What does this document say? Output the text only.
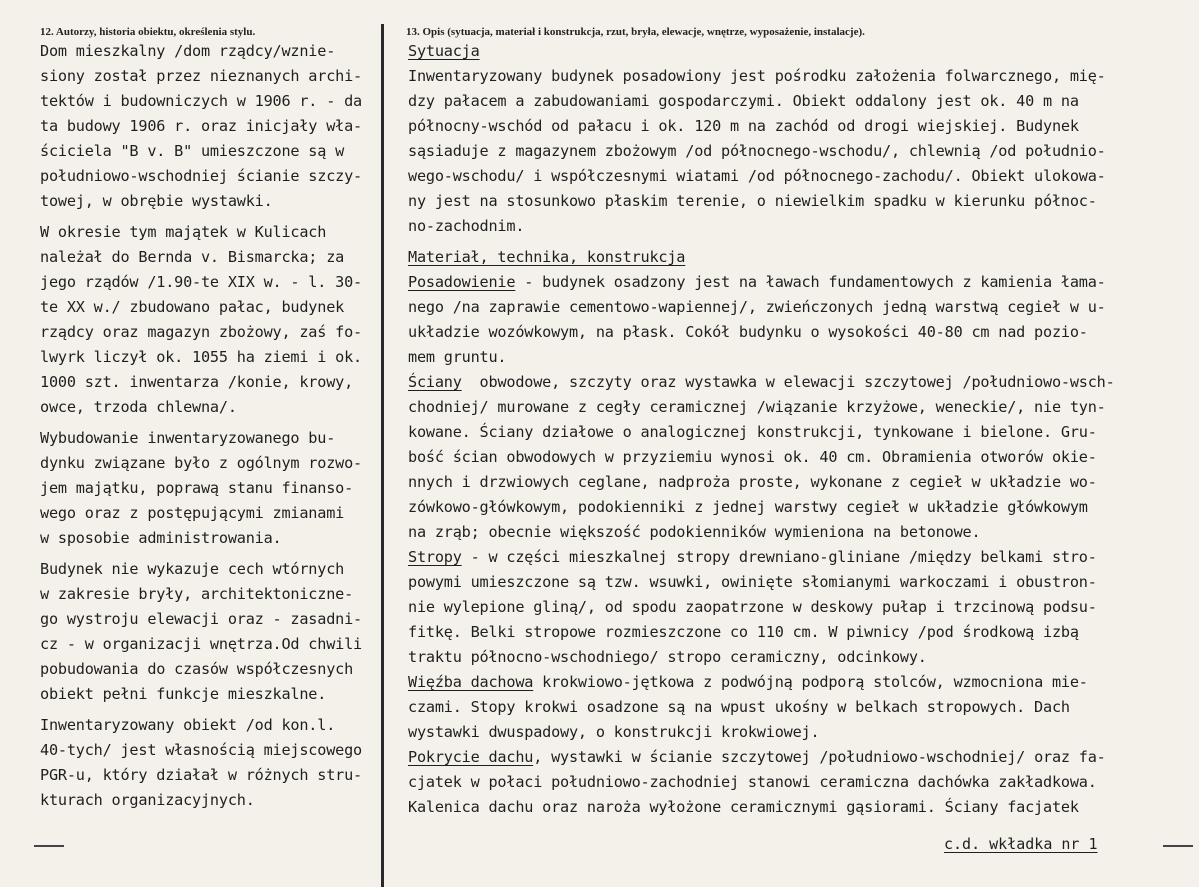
12. Autorzy, historia obiektu, określenia stylu.	13. Opis (sytuacja, materiał i konstrukcja, rzut, bryła, elewacje, wnętrze, wyposażenie, instalacje).
Dom mieszkalny /dom rządcy/wznie-
siony został przez nieznanych archi-
tektów i budowniczych w 1906 r. - da
ta budowy 1906 r. oraz inicjały wła-
ściciela "B v. B" umieszczone są w
południowo-wschodniej ścianie szczy-
towej, w obrębie wystawki.
W okresie tym majątek w Kulicach
należał do Bernda v. Bismarcka; za
jego rządów /1.90-te XIX w. - l. 30-
te XX w./ zbudowano pałac, budynek
rządcy oraz magazyn zbożowy, zaś fo-
lwyrk liczył ok. 1055 ha ziemi i ok.
1000 szt. inwentarza /konie, krowy,
owce, trzoda chlewna/.
Wybudowanie inwentaryzowanego bu-
dynku związane było z ogólnym rozwo-
jem majątku, poprawą stanu finanso-
wego oraz z postępującymi zmianami
w sposobie administrowania.
Budynek nie wykazuje cech wtórnych
w zakresie bryły, architektoniczne-
go wystroju elewacji oraz - zasadni-
cz - w organizacji wnętrza.Od chwili
pobudowania do czasów współczesnych
obiekt pełni funkcje mieszkalne.
Inwentaryzowany obiekt /od kon.l.
40-tych/ jest własnością miejscowego
PGR-u, który działał w różnych stru-
kturach organizacyjnych.
Sytuacja
Inwentaryzowany budynek posadowiony jest pośrodku założenia folwarcznego, mię-
dzy pałacem a zabudowaniami gospodarczymi. Obiekt oddalony jest ok. 40 m na
północny-wschód od pałacu i ok. 120 m na zachód od drogi wiejskiej. Budynek
sąsiaduje z magazynem zbożowym /od północnego-wschodu/, chlewnią /od południo-
wego-wschodu/ i współczesnymi wiatami /od północnego-zachodu/. Obiekt ulokowa-
ny jest na stosunkowo płaskim terenie, o niewielkim spadku w kierunku północ-
no-zachodnim.
Materiał, technika, konstrukcja
Posadowienie - budynek osadzony jest na ławach fundamentowych z kamienia łama-
nego /na zaprawie cementowo-wapiennej/, zwieńczonych jedną warstwą cegieł w u-
układzie wozówkowym, na płask. Cokół budynku o wysokości 40-80 cm nad pozio-
mem gruntu.
Ściany  obwodowe, szczyty oraz wystawka w elewacji szczytowej /południowo-wsch-
chodniej/ murowane z cegły ceramicznej /wiązanie krzyżowe, weneckie/, nie tyn-
kowane. Ściany działowe o analogicznej konstrukcji, tynkowane i bielone. Gru-
bość ścian obwodowych w przyziemiu wynosi ok. 40 cm. Obramienia otworów okie-
nnych i drzwiowych ceglane, nadproża proste, wykonane z cegieł w układzie wo-
zówkowo-główkowym, podokienniki z jednej warstwy cegieł w układzie główkowym
na zrąb; obecnie większość podokienników wymieniona na betonowe.
Stropy - w części mieszkalnej stropy drewniano-gliniane /między belkami stro-
powymi umieszczone są tzw. wsuwki, owinięte słomianymi warkoczami i obustron-
nie wylepione gliną/, od spodu zaopatrzone w deskowy pułap i trzcinową podsu-
fitkę. Belki stropowe rozmieszczone co 110 cm. W piwnicy /pod środkową izbą
traktu północno-wschodniego/ stropo ceramiczny, odcinkowy.
Więźba dachowa krokwiowo-jętkowa z podwójną podporą stolców, wzmocniona mie-
czami. Stopy krokwi osadzone są na wpust ukośny w belkach stropowych. Dach
wystawki dwuspadowy, o konstrukcji krokwiowej.
Pokrycie dachu, wystawki w ścianie szczytowej /południowo-wschodniej/ oraz fa-
cjatek w połaci południowo-zachodniej stanowi ceramiczna dachówka zakładkowa.
Kalenica dachu oraz naroża wyłożone ceramicznymi gąsiorami. Ściany facjatek
c.d. wkładka nr 1
